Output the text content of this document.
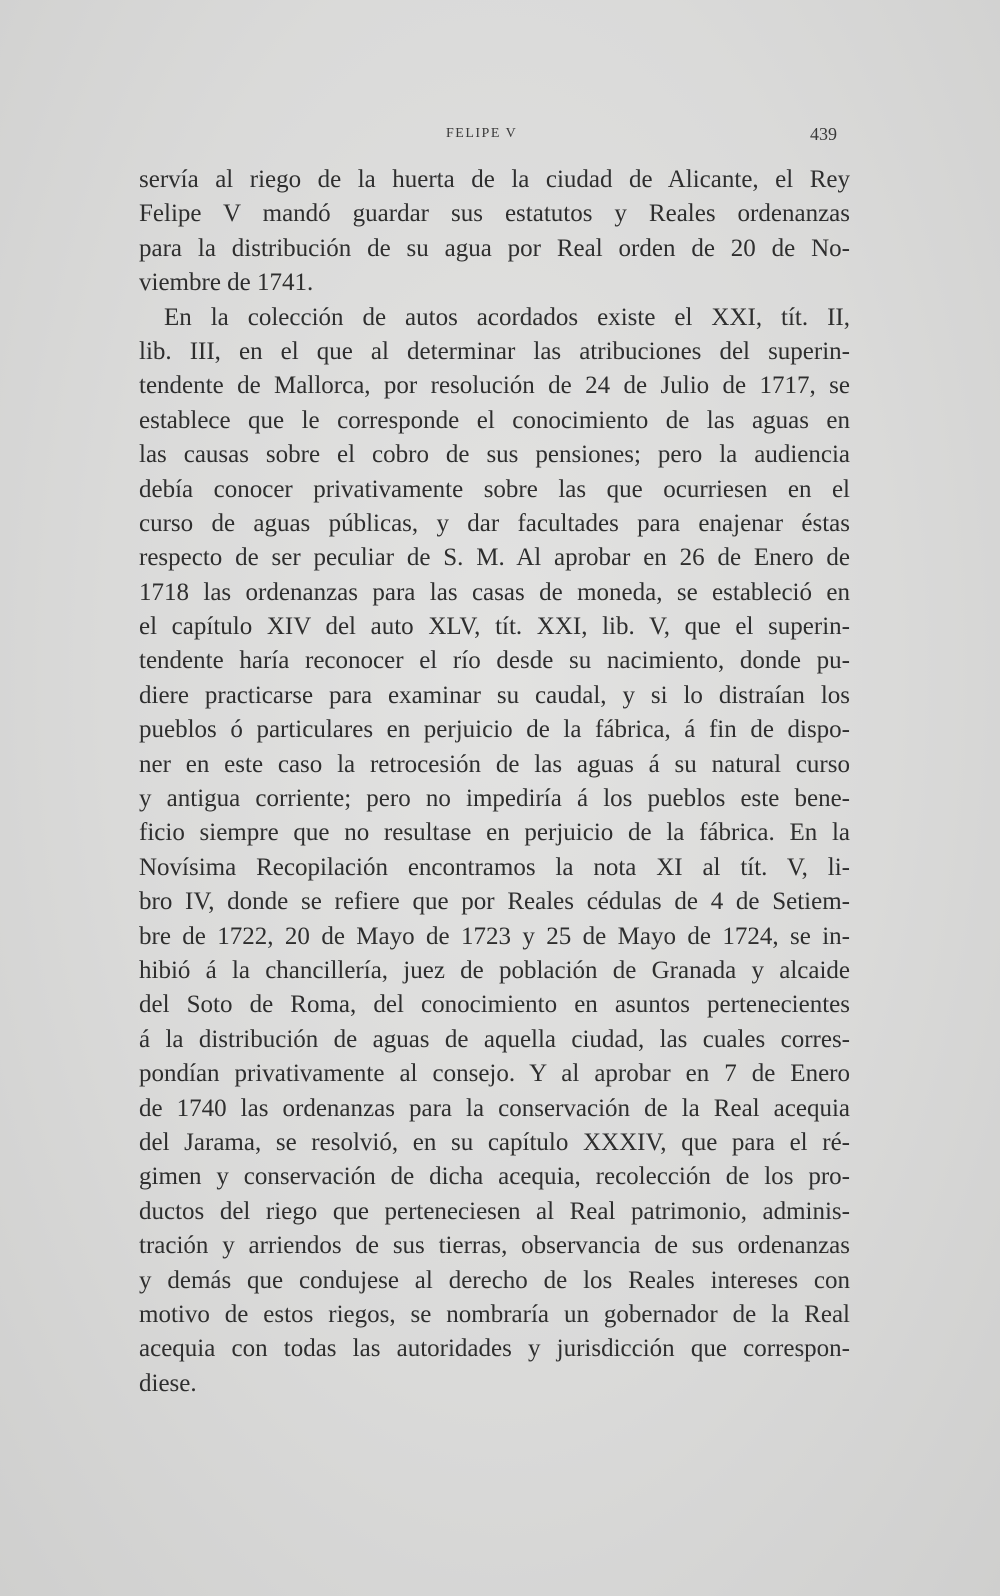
FELIPE V	439
servía al riego de la huerta de la ciudad de Alicante, el Rey
Felipe V mandó guardar sus estatutos y Reales ordenanzas
para la distribución de su agua por Real orden de 20 de No-
viembre de 1741.
En la colección de autos acordados existe el XXI, tít. II,
lib. III, en el que al determinar las atribuciones del superin-
tendente de Mallorca, por resolución de 24 de Julio de 1717, se
establece que le corresponde el conocimiento de las aguas en
las causas sobre el cobro de sus pensiones; pero la audiencia
debía conocer privativamente sobre las que ocurriesen en el
curso de aguas públicas, y dar facultades para enajenar éstas
respecto de ser peculiar de S. M. Al aprobar en 26 de Enero de
1718 las ordenanzas para las casas de moneda, se estableció en
el capítulo XIV del auto XLV, tít. XXI, lib. V, que el superin-
tendente haría reconocer el río desde su nacimiento, donde pu-
diere practicarse para examinar su caudal, y si lo distraían los
pueblos ó particulares en perjuicio de la fábrica, á fin de dispo-
ner en este caso la retrocesión de las aguas á su natural curso
y antigua corriente; pero no impediría á los pueblos este bene-
ficio siempre que no resultase en perjuicio de la fábrica. En la
Novísima Recopilación encontramos la nota XI al tít. V, li-
bro IV, donde se refiere que por Reales cédulas de 4 de Setiem-
bre de 1722, 20 de Mayo de 1723 y 25 de Mayo de 1724, se in-
hibió á la chancillería, juez de población de Granada y alcaide
del Soto de Roma, del conocimiento en asuntos pertenecientes
á la distribución de aguas de aquella ciudad, las cuales corres-
pondían privativamente al consejo. Y al aprobar en 7 de Enero
de 1740 las ordenanzas para la conservación de la Real acequia
del Jarama, se resolvió, en su capítulo XXXIV, que para el ré-
gimen y conservación de dicha acequia, recolección de los pro-
ductos del riego que perteneciesen al Real patrimonio, adminis-
tración y arriendos de sus tierras, observancia de sus ordenanzas
y demás que condujese al derecho de los Reales intereses con
motivo de estos riegos, se nombraría un gobernador de la Real
acequia con todas las autoridades y jurisdicción que correspon-
diese.
